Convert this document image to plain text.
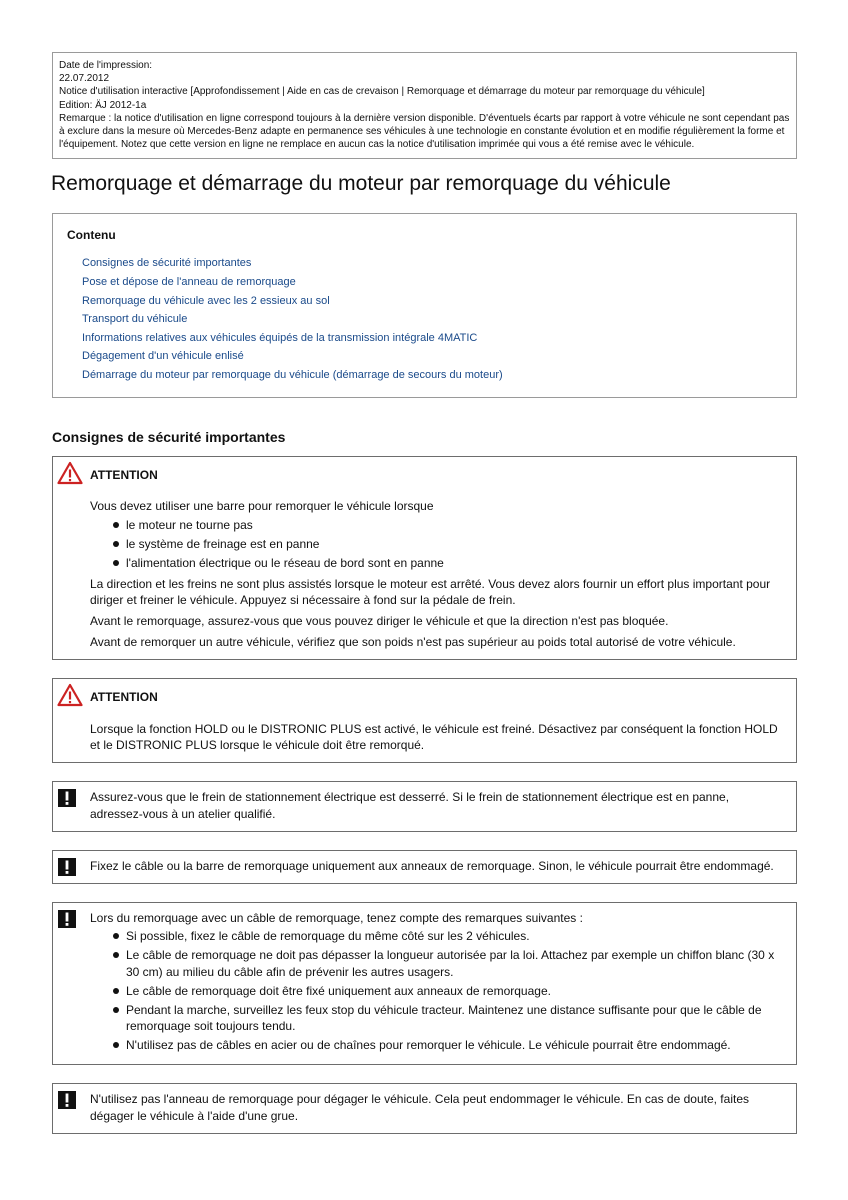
Date de l'impression:
22.07.2012
Notice d'utilisation interactive [Approfondissement | Aide en cas de crevaison | Remorquage et démarrage du moteur par remorquage du véhicule]
Edition: ÄJ 2012-1a
Remarque : la notice d'utilisation en ligne correspond toujours à la dernière version disponible. D'éventuels écarts par rapport à votre véhicule ne sont cependant pas à exclure dans la mesure où Mercedes-Benz adapte en permanence ses véhicules à une technologie en constante évolution et en modifie régulièrement la forme et l'équipement. Notez que cette version en ligne ne remplace en aucun cas la notice d'utilisation imprimée qui vous a été remise avec le véhicule.
Remorquage et démarrage du moteur par remorquage du véhicule
Contenu
Consignes de sécurité importantes
Pose et dépose de l'anneau de remorquage
Remorquage du véhicule avec les 2 essieux au sol
Transport du véhicule
Informations relatives aux véhicules équipés de la transmission intégrale 4MATIC
Dégagement d'un véhicule enlisé
Démarrage du moteur par remorquage du véhicule (démarrage de secours du moteur)
Consignes de sécurité importantes
ATTENTION

Vous devez utiliser une barre pour remorquer le véhicule lorsque

le moteur ne tourne pas
le système de freinage est en panne
l'alimentation électrique ou le réseau de bord sont en panne

La direction et les freins ne sont plus assistés lorsque le moteur est arrêté. Vous devez alors fournir un effort plus important pour diriger et freiner le véhicule. Appuyez si nécessaire à fond sur la pédale de frein.

Avant le remorquage, assurez-vous que vous pouvez diriger le véhicule et que la direction n'est pas bloquée.

Avant de remorquer un autre véhicule, vérifiez que son poids n'est pas supérieur au poids total autorisé de votre véhicule.

ATTENTION

Lorsque la fonction HOLD ou le DISTRONIC PLUS est activé, le véhicule est freiné. Désactivez par conséquent la fonction HOLD et le DISTRONIC PLUS lorsque le véhicule doit être remorqué.

Assurez-vous que le frein de stationnement électrique est desserré. Si le frein de stationnement électrique est en panne, adressez-vous à un atelier qualifié.

Fixez le câble ou la barre de remorquage uniquement aux anneaux de remorquage. Sinon, le véhicule pourrait être endommagé.

Lors du remorquage avec un câble de remorquage, tenez compte des remarques suivantes :

Si possible, fixez le câble de remorquage du même côté sur les 2 véhicules.
Le câble de remorquage ne doit pas dépasser la longueur autorisée par la loi. Attachez par exemple un chiffon blanc (30 x 30 cm) au milieu du câble afin de prévenir les autres usagers.
Le câble de remorquage doit être fixé uniquement aux anneaux de remorquage.
Pendant la marche, surveillez les feux stop du véhicule tracteur. Maintenez une distance suffisante pour que le câble de remorquage soit toujours tendu.
N'utilisez pas de câbles en acier ou de chaînes pour remorquer le véhicule. Le véhicule pourrait être endommagé.

N'utilisez pas l'anneau de remorquage pour dégager le véhicule. Cela peut endommager le véhicule. En cas de doute, faites dégager le véhicule à l'aide d'une grue.
